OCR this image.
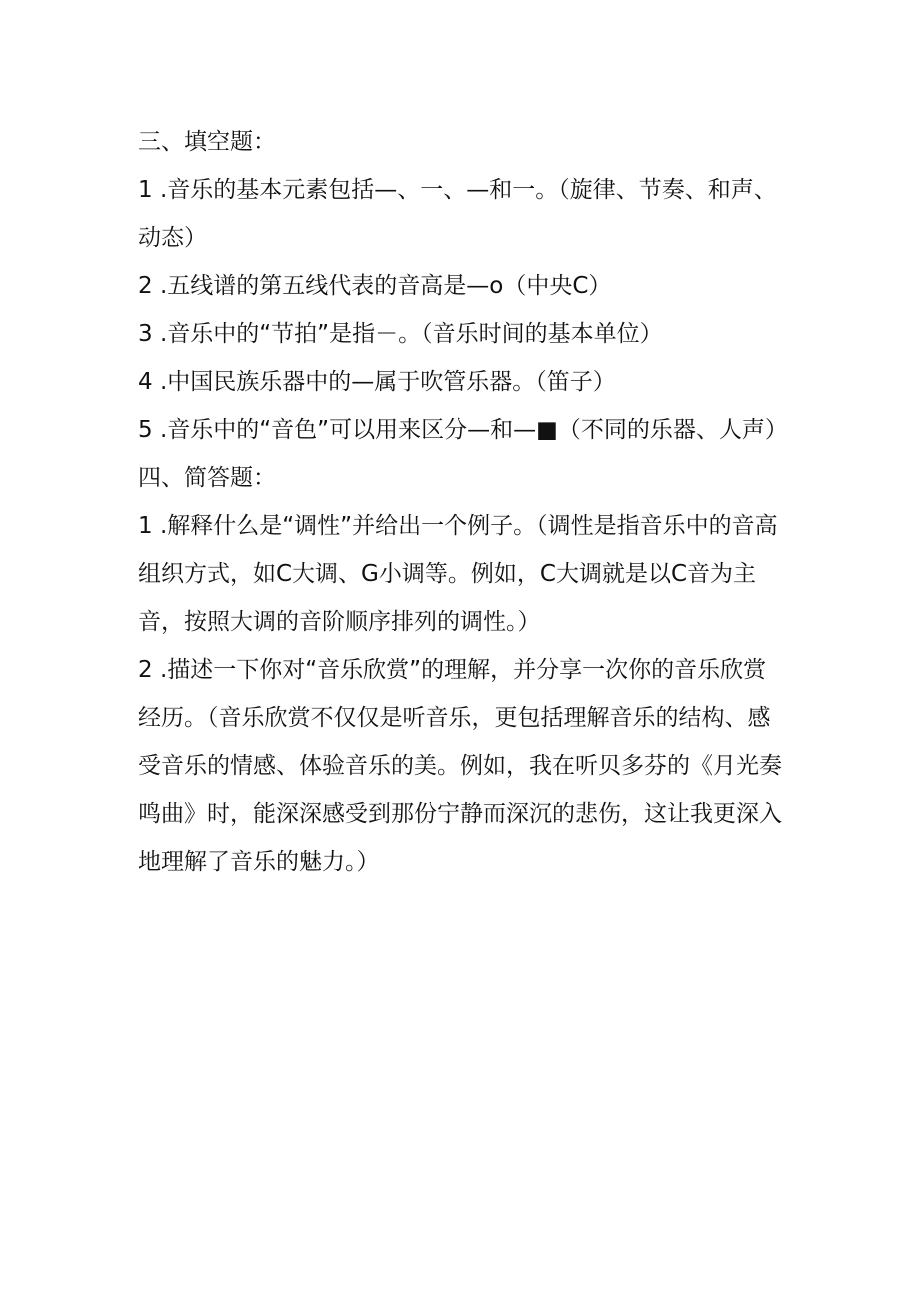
三、填空题：

1 .音乐的基本元素包括—、一、—和一。（旋律、节奏、和声、动态）

2 .五线谱的第五线代表的音高是—o（中央C）

3 .音乐中的“节拍”是指－。（音乐时间的基本单位）

4 .中国民族乐器中的—属于吹管乐器。（笛子）

5 .音乐中的“音色”可以用来区分—和—■（不同的乐器、人声）

四、简答题：

1 .解释什么是“调性”并给出一个例子。（调性是指音乐中的音高组织方式，如C大调、G小调等。例如，C大调就是以C音为主音，按照大调的音阶顺序排列的调性。）

2 .描述一下你对“音乐欣赏”的理解，并分享一次你的音乐欣赏经历。（音乐欣赏不仅仅是听音乐，更包括理解音乐的结构、感受音乐的情感、体验音乐的美。例如，我在听贝多芬的《月光奏鸣曲》时，能深深感受到那份宁静而深沉的悲伤，这让我更深入地理解了音乐的魅力。）
